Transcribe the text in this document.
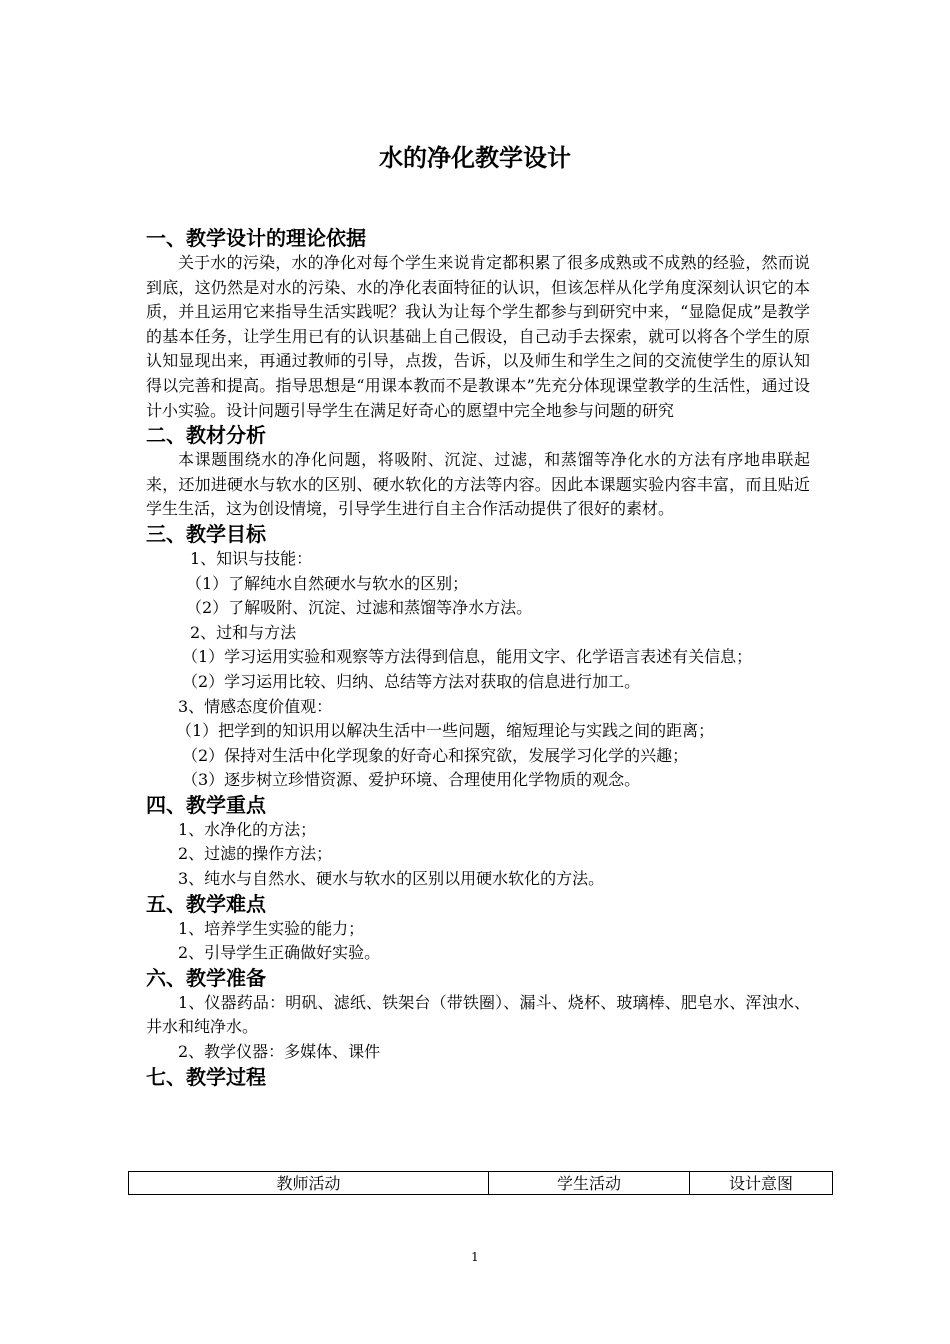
水的净化教学设计
一、教学设计的理论依据

关于水的污染，水的净化对每个学生来说肯定都积累了很多成熟或不成熟的经验，然而说到底，这仍然是对水的污染、水的净化表面特征的认识，但该怎样从化学角度深刻认识它的本质，并且运用它来指导生活实践呢？我认为让每个学生都参与到研究中来，“显隐促成”是教学的基本任务，让学生用已有的认识基础上自己假设，自己动手去探索，就可以将各个学生的原认知显现出来，再通过教师的引导，点拨，告诉，以及师生和学生之间的交流使学生的原认知得以完善和提高。指导思想是“用课本教而不是教课本”先充分体现课堂教学的生活性，通过设计小实验。设计问题引导学生在满足好奇心的愿望中完全地参与问题的研究

二、教材分析

本课题围绕水的净化问题，将吸附、沉淀、过滤，和蒸馏等净化水的方法有序地串联起来，还加进硬水与软水的区别、硬水软化的方法等内容。因此本课题实验内容丰富，而且贴近学生生活，这为创设情境，引导学生进行自主合作活动提供了很好的素材。

三、教学目标

1、知识与技能：

（1）了解纯水自然硬水与软水的区别；

（2）了解吸附、沉淀、过滤和蒸馏等净水方法。

2、过和与方法

（1）学习运用实验和观察等方法得到信息，能用文字、化学语言表述有关信息；

（2）学习运用比较、归纳、总结等方法对获取的信息进行加工。

3、情感态度价值观：

（1）把学到的知识用以解决生活中一些问题，缩短理论与实践之间的距离；

（2）保持对生活中化学现象的好奇心和探究欲，发展学习化学的兴趣；

（3）逐步树立珍惜资源、爱护环境、合理使用化学物质的观念。

四、教学重点

1、水净化的方法；

2、过滤的操作方法；

3、纯水与自然水、硬水与软水的区别以用硬水软化的方法。

五、教学难点

1、培养学生实验的能力；

2、引导学生正确做好实验。

六、教学准备

1、仪器药品：明矾、滤纸、铁架台（带铁圈）、漏斗、烧杯、玻璃棒、肥皂水、浑浊水、井水和纯净水。

2、教学仪器：多媒体、课件

七、教学过程
教师活动	学生活动	设计意图
1
